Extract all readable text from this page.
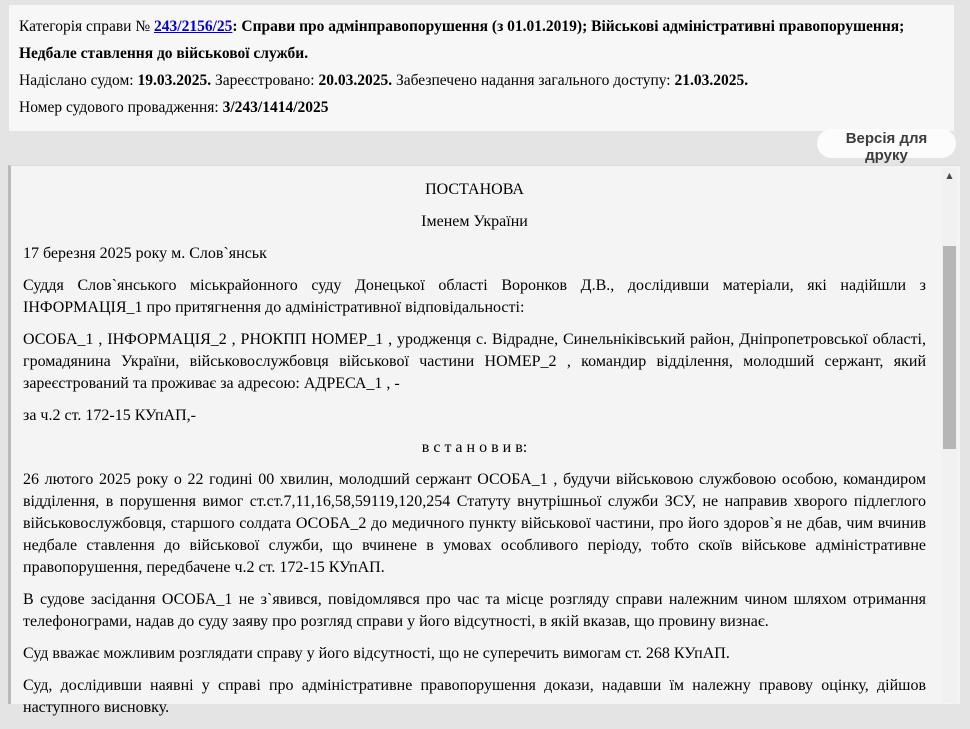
Категорія справи № 243/2156/25: Справи про адмінправопорушення (з 01.01.2019); Військові адміністративні правопорушення; Недбале ставлення до військової служби.

Надіслано судом: 19.03.2025. Зареєстровано: 20.03.2025. Забезпечено надання загального доступу: 21.03.2025.

Номер судового провадження: 3/243/1414/2025

Версія для друку

ПОСТАНОВА

Іменем України

17 березня 2025 року м. Слов`янськ

Суддя Слов`янського міськрайонного суду Донецької області Воронков Д.В., дослідивши матеріали, які надійшли з ІНФОРМАЦІЯ_1 про притягнення до адміністративної відповідальності:

ОСОБА_1 , ІНФОРМАЦІЯ_2 , РНОКПП НОМЕР_1 , уродженця с. Відрадне, Синельніківський район, Дніпропетровської області, громадянина України, військовослужбовця військової частини НОМЕР_2 , командир відділення, молодший сержант, який зареєстрований та проживає за адресою: АДРЕСА_1 , -

за ч.2 ст. 172-15 КУпАП,-

в с т а н о в и в:

26 лютого 2025 року о 22 годині 00 хвилин, молодший сержант ОСОБА_1 , будучи військовою службовою особою, командиром відділення, в порушення вимог ст.ст.7,11,16,58,59119,120,254 Статуту внутрішньої служби ЗСУ, не направив хворого підлеглого військовослужбовця, старшого солдата ОСОБА_2 до медичного пункту військової частини, про його здоров`я не дбав, чим вчинив недбале ставлення до військової служби, що вчинене в умовах особливого періоду, тобто скоїв військове адміністративне правопорушення, передбачене ч.2 ст. 172-15 КУпАП.

В судове засідання ОСОБА_1 не з`явився, повідомлявся про час та місце розгляду справи належним чином шляхом отримання телефонограми, надав до суду заяву про розгляд справи у його відсутності, в якій вказав, що провину визнає.

Суд вважає можливим розглядати справу у його відсутності, що не суперечить вимогам ст. 268 КУпАП.

Суд, дослідивши наявні у справі про адміністративне правопорушення докази, надавши їм належну правову оцінку, дійшов наступного висновку.

▲
